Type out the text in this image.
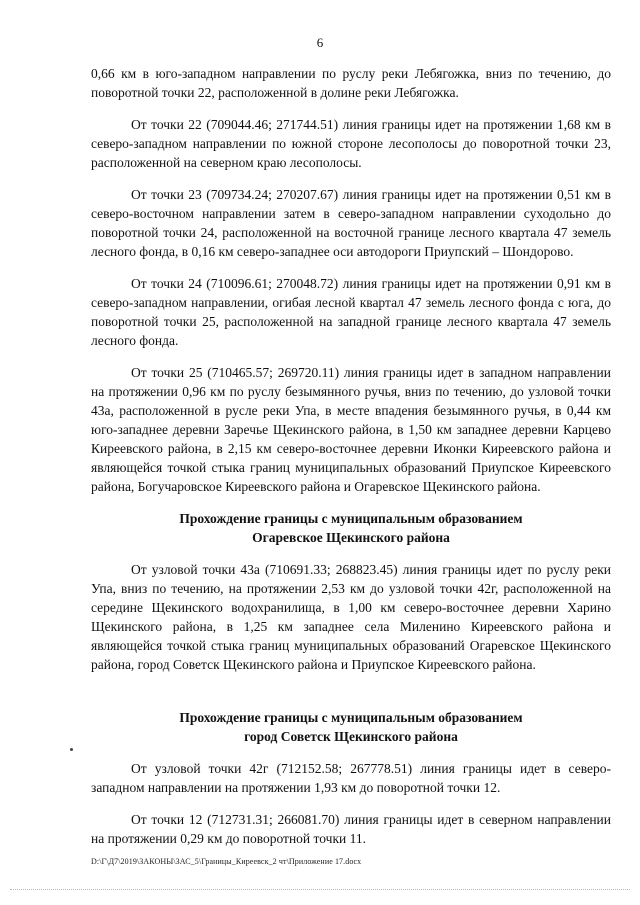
6

0,66 км в юго-западном направлении по руслу реки Лебягожка, вниз по течению, до поворотной точки 22, расположенной в долине реки Лебягожка.

От точки 22 (709044.46; 271744.51) линия границы идет на протяжении 1,68 км в северо-западном направлении по южной стороне лесополосы до поворотной точки 23, расположенной на северном краю лесополосы.

От точки 23 (709734.24; 270207.67) линия границы идет на протяжении 0,51 км в северо-восточном направлении затем в северо-западном направлении суходольно до поворотной точки 24, расположенной на восточной границе лесного квартала 47 земель лесного фонда, в 0,16 км северо-западнее оси автодороги Приупский – Шондорово.

От точки 24 (710096.61; 270048.72) линия границы идет на протяжении 0,91 км в северо-западном направлении, огибая лесной квартал 47 земель лесного фонда с юга, до поворотной точки 25, расположенной на западной границе лесного квартала 47 земель лесного фонда.

От точки 25 (710465.57; 269720.11) линия границы идет в западном направлении на протяжении 0,96 км по руслу безымянного ручья, вниз по течению, до узловой точки 43а, расположенной в русле реки Упа, в месте впадения безымянного ручья, в 0,44 км юго-западнее деревни Заречье Щекинского района, в 1,50 км западнее деревни Карцево Киреевского района, в 2,15 км северо-восточнее деревни Иконки Киреевского района и являющейся точкой стыка границ муниципальных образований Приупское Киреевского района, Богучаровское Киреевского района и Огаревское Щекинского района.

Прохождение границы с муниципальным образованием
Огаревское Щекинского района

От узловой точки 43а (710691.33; 268823.45) линия границы идет по руслу реки Упа, вниз по течению, на протяжении 2,53 км до узловой точки 42г, расположенной на середине Щекинского водохранилища, в 1,00 км северо-восточнее деревни Харино Щекинского района, в 1,25 км западнее села Миленино Киреевского района и являющейся точкой стыка границ муниципальных образований Огаревское Щекинского района, город Советск Щекинского района и Приупское Киреевского района.

Прохождение границы с муниципальным образованием
город Советск Щекинского района

От узловой точки 42г (712152.58; 267778.51) линия границы идет в северо-западном направлении на протяжении 1,93 км до поворотной точки 12.

От точки 12 (712731.31; 266081.70) линия границы идет в северном направлении на протяжении 0,29 км до поворотной точки 11.

D:\Г\Д7\2019\ЗАКОНЫ\ЗАС_5\Границы_Киреевск_2 чт\Приложение 17.docx
